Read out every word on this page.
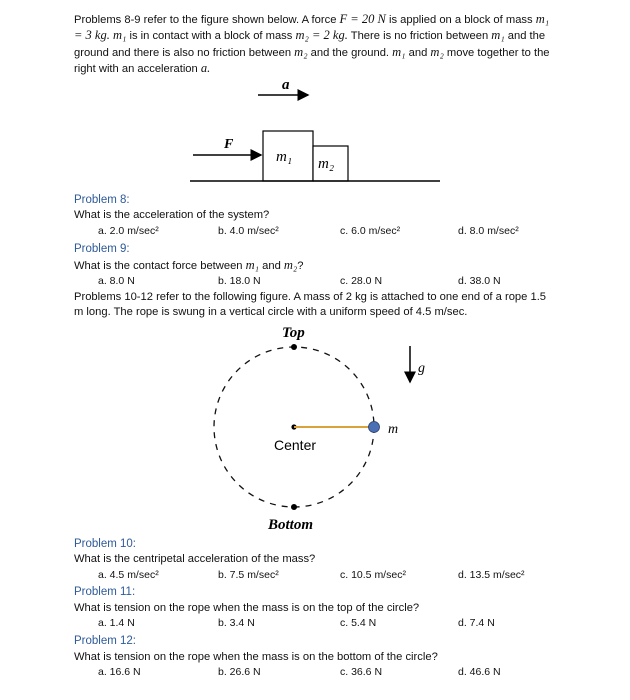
Problems 8-9 refer to the figure shown below. A force F = 20 N is applied on a block of mass m₁ = 3 kg. m₁ is in contact with a block of mass m₂ = 2 kg. There is no friction between m₁ and the ground and there is also no friction between m₂ and the ground. m₁ and m₂ move together to the right with an acceleration a.
a
F
m₁ m₂
Top
m
Center
Bottom
g
Problem 8:
What is the acceleration of the system?
a. 2.0 m/sec²	b. 4.0 m/sec²	c. 6.0 m/sec²	d. 8.0 m/sec²
Problem 9:
What is the contact force between m₁ and m₂?
a. 8.0 N	b. 18.0 N	c. 28.0 N	d. 38.0 N
Problems 10-12 refer to the following figure. A mass of 2 kg is attached to one end of a rope 1.5 m long. The rope is swung in a vertical circle with a uniform speed of 4.5 m/sec.
Problem 10:
What is the centripetal acceleration of the mass?
a. 4.5 m/sec²	b. 7.5 m/sec²	c. 10.5 m/sec²	d. 13.5 m/sec²
Problem 11:
What is tension on the rope when the mass is on the top of the circle?
a. 1.4 N	b. 3.4 N	c. 5.4 N	d. 7.4 N
Problem 12:
What is tension on the rope when the mass is on the bottom of the circle?
a. 16.6 N	b. 26.6 N	c. 36.6 N	d. 46.6 N
